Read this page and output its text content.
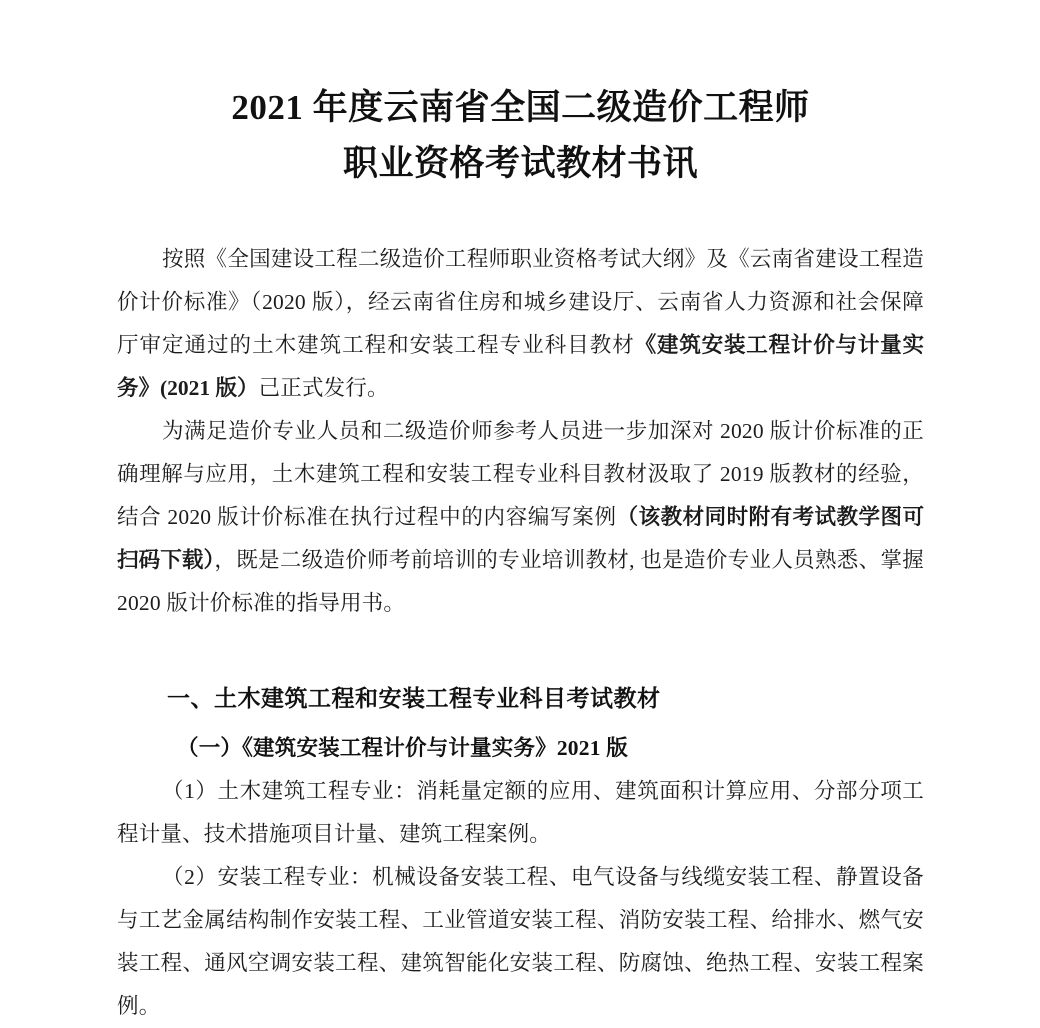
2021 年度云南省全国二级造价工程师
职业资格考试教材书讯

按照《全国建设工程二级造价工程师职业资格考试大纲》及《云南省建设工程造价计价标准》（2020 版），经云南省住房和城乡建设厅、云南省人力资源和社会保障厅审定通过的土木建筑工程和安装工程专业科目教材《建筑安装工程计价与计量实务》(2021 版）己正式发行。

为满足造价专业人员和二级造价师参考人员进一步加深对 2020 版计价标准的正确理解与应用，土木建筑工程和安装工程专业科目教材汲取了 2019 版教材的经验，结合 2020 版计价标准在执行过程中的内容编写案例（该教材同时附有考试教学图可扫码下载），既是二级造价师考前培训的专业培训教材, 也是造价专业人员熟悉、掌握 2020 版计价标准的指导用书。

一、土木建筑工程和安装工程专业科目考试教材
（一）《建筑安装工程计价与计量实务》2021 版

（1）土木建筑工程专业：消耗量定额的应用、建筑面积计算应用、分部分项工程计量、技术措施项目计量、建筑工程案例。

（2）安装工程专业：机械设备安装工程、电气设备与线缆安装工程、静置设备与工艺金属结构制作安装工程、工业管道安装工程、消防安装工程、给排水、燃气安装工程、通风空调安装工程、建筑智能化安装工程、防腐蚀、绝热工程、安装工程案例。
